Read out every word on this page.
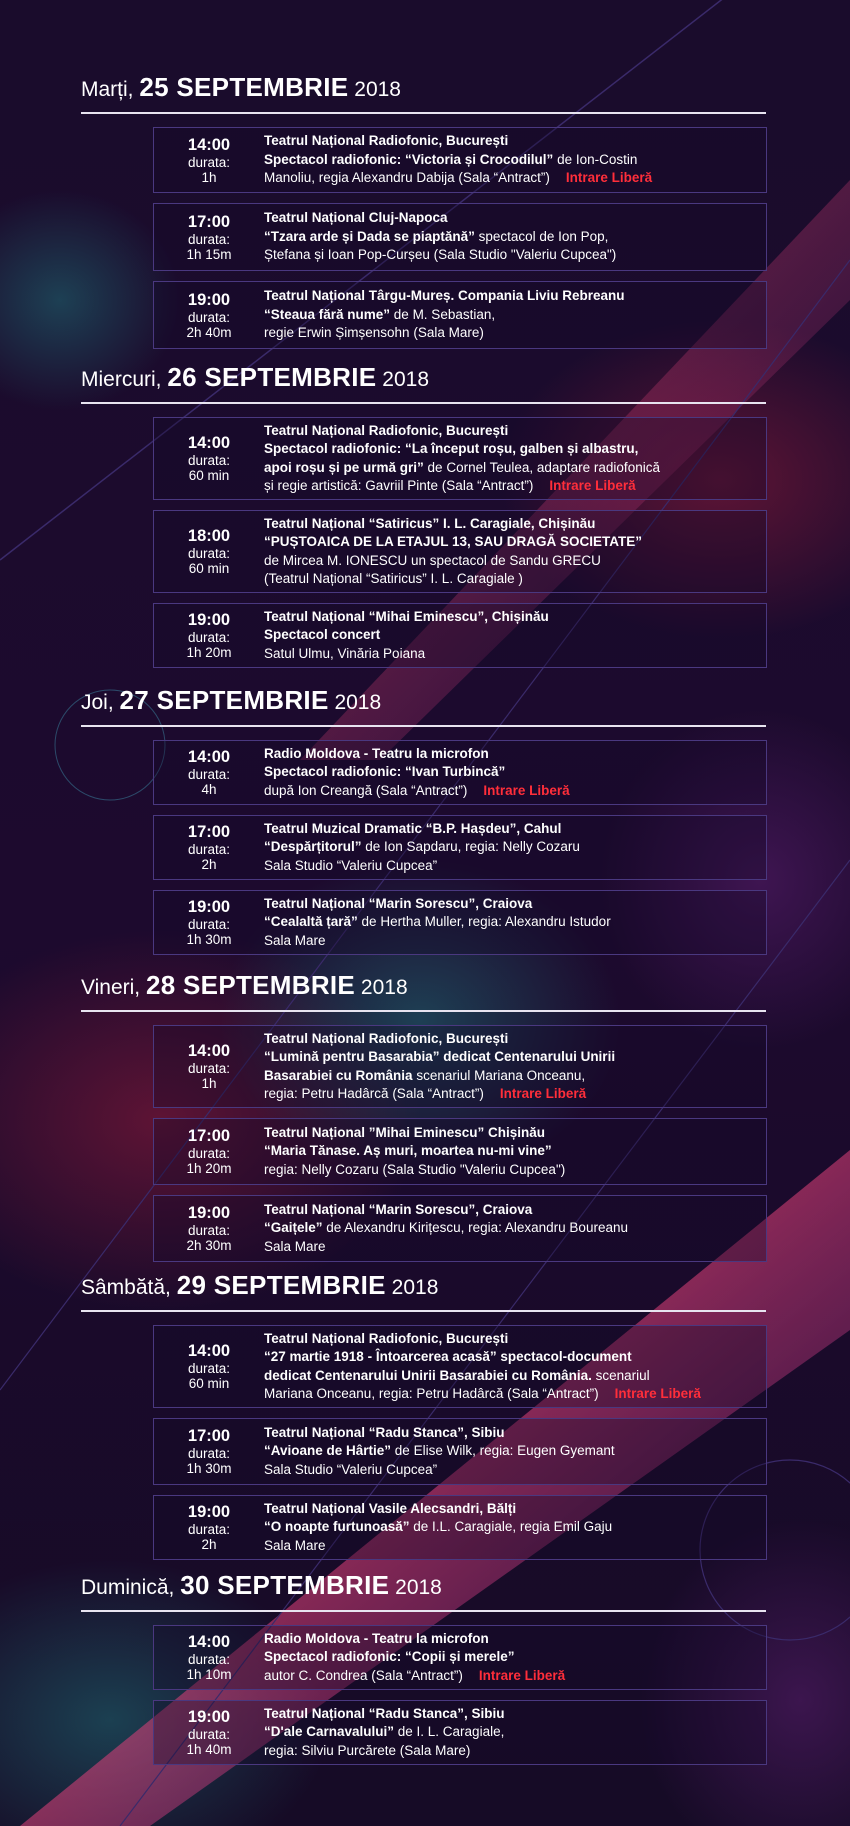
Marți, 25 SEPTEMBRIE 2018
14:00
durata:
1h
Teatrul Național Radiofonic, București
Spectacol radiofonic: “Victoria și Crocodilul” de Ion-Costin
Manoliu, regia Alexandru Dabija (Sala “Antract”) Intrare Liberă
17:00
durata:
1h 15m
Teatrul Național Cluj-Napoca
“Tzara arde și Dada se piaptănă” spectacol de Ion Pop,
Ștefana și Ioan Pop-Curșeu (Sala Studio "Valeriu Cupcea")
19:00
durata:
2h 40m
Teatrul Național Târgu-Mureș. Compania Liviu Rebreanu
“Steaua fără nume” de M. Sebastian,
regie Erwin Șimșensohn (Sala Mare)
Miercuri, 26 SEPTEMBRIE 2018
14:00
durata:
60 min
Teatrul Național Radiofonic, București
Spectacol radiofonic: “La început roșu, galben și albastru,
apoi roșu și pe urmă gri” de Cornel Teulea, adaptare radiofonică
și regie artistică: Gavriil Pinte (Sala “Antract”) Intrare Liberă
18:00
durata:
60 min
Teatrul Național “Satiricus” I. L. Caragiale, Chișinău
“PUȘTOAICA DE LA ETAJUL 13, SAU DRAGĂ SOCIETATE”
de Mircea M. IONESCU un spectacol de Sandu GRECU
(Teatrul Național “Satiricus” I. L. Caragiale )
19:00
durata:
1h 20m
Teatrul Național “Mihai Eminescu”, Chișinău
Spectacol concert
Satul Ulmu, Vinăria Poiana
Joi, 27 SEPTEMBRIE 2018
14:00
durata:
4h
Radio Moldova - Teatru la microfon
Spectacol radiofonic: “Ivan Turbincă”
după Ion Creangă (Sala “Antract”) Intrare Liberă
17:00
durata:
2h
Teatrul Muzical Dramatic “B.P. Hașdeu”, Cahul
“Despărțitorul” de Ion Sapdaru, regia: Nelly Cozaru
Sala Studio “Valeriu Cupcea”
19:00
durata:
1h 30m
Teatrul Național “Marin Sorescu”, Craiova
“Cealaltă țară” de Hertha Muller, regia: Alexandru Istudor
Sala Mare
Vineri, 28 SEPTEMBRIE 2018
14:00
durata:
1h
Teatrul Național Radiofonic, București
“Lumină pentru Basarabia” dedicat Centenarului Unirii
Basarabiei cu România scenariul Mariana Onceanu,
regia: Petru Hadârcă (Sala “Antract”) Intrare Liberă
17:00
durata:
1h 20m
Teatrul Național ”Mihai Eminescu” Chișinău
“Maria Tănase. Aș muri, moartea nu-mi vine”
regia: Nelly Cozaru (Sala Studio "Valeriu Cupcea")
19:00
durata:
2h 30m
Teatrul Național “Marin Sorescu”, Craiova
“Gaițele” de Alexandru Kirițescu, regia: Alexandru Boureanu
Sala Mare
Sâmbătă, 29 SEPTEMBRIE 2018
14:00
durata:
60 min
Teatrul Național Radiofonic, București
“27 martie 1918 - Întoarcerea acasă” spectacol-document
dedicat Centenarului Unirii Basarabiei cu România. scenariul
Mariana Onceanu, regia: Petru Hadârcă (Sala “Antract”) Intrare Liberă
17:00
durata:
1h 30m
Teatrul Național “Radu Stanca”, Sibiu
“Avioane de Hârtie” de Elise Wilk, regia: Eugen Gyemant
Sala Studio “Valeriu Cupcea”
19:00
durata:
2h
Teatrul Național Vasile Alecsandri, Bălți
“O noapte furtunoasă” de I.L. Caragiale, regia Emil Gaju
Sala Mare
Duminică, 30 SEPTEMBRIE 2018
14:00
durata:
1h 10m
Radio Moldova - Teatru la microfon
Spectacol radiofonic: “Copii și merele”
autor C. Condrea (Sala “Antract”) Intrare Liberă
19:00
durata:
1h 40m
Teatrul Național “Radu Stanca”, Sibiu
“D'ale Carnavalului” de I. L. Caragiale,
regia: Silviu Purcărete (Sala Mare)
